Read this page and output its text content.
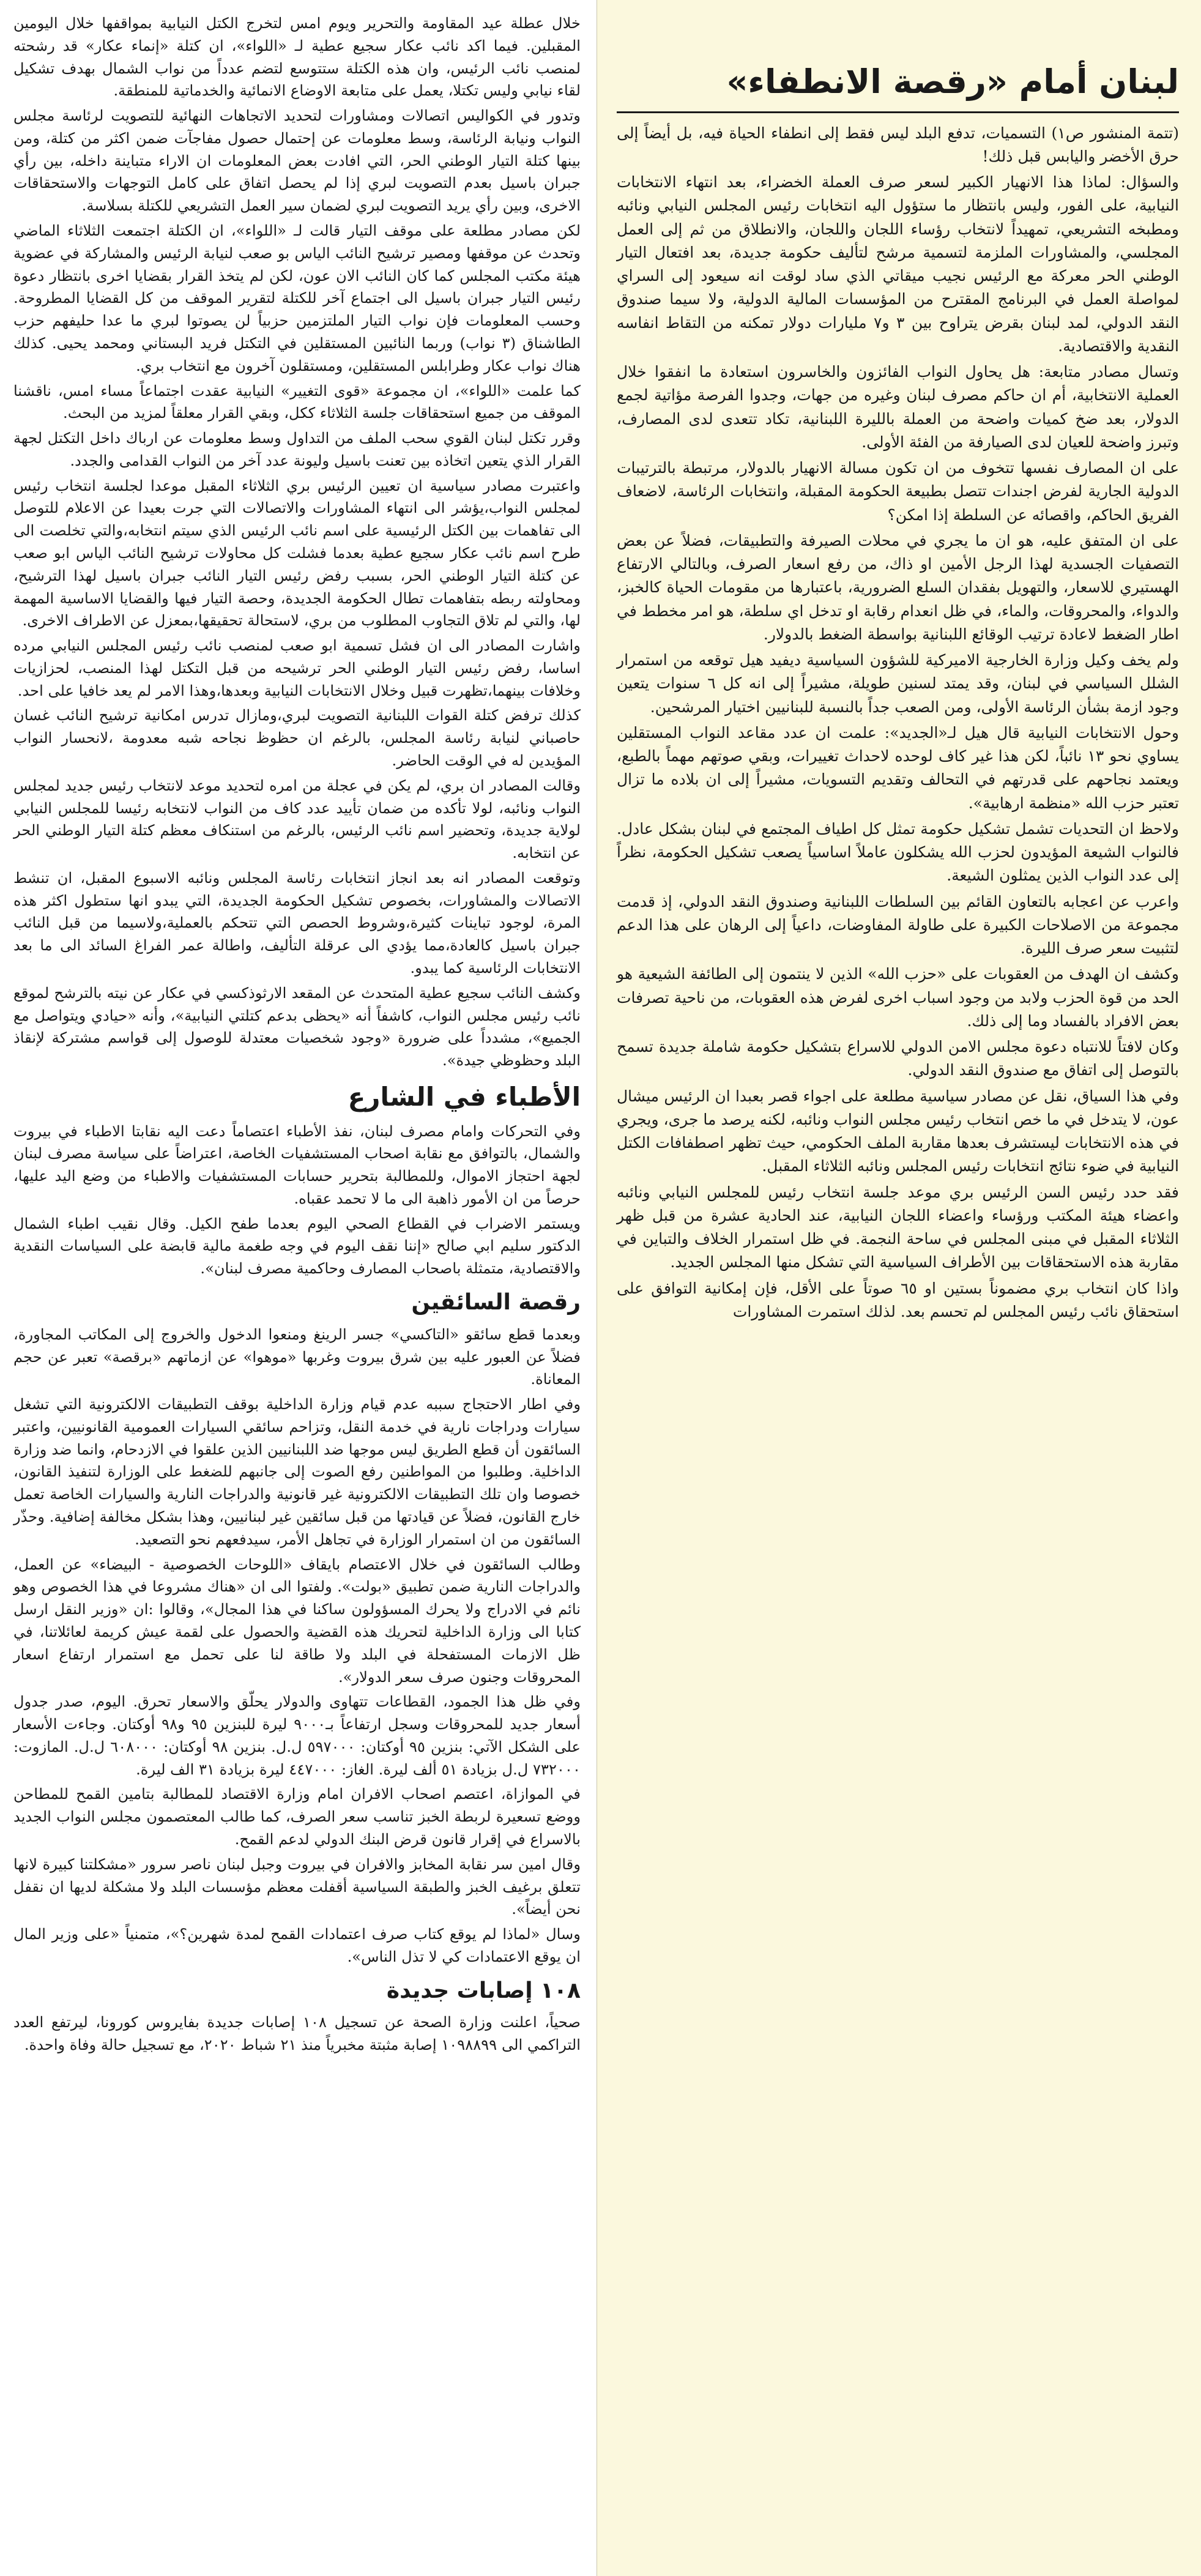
لبنان أمام «رقصة الانطفاء»

(تتمة المنشور ص١) التسميات، تدفع البلد ليس فقط إلى انطفاء الحياة فيه، بل أيضاً إلى حرق الأخضر واليابس قبل ذلك!

والسؤال: لماذا هذا الانهيار الكبير لسعر صرف العملة الخضراء، بعد انتهاء الانتخابات النيابية، على الفور، وليس بانتظار ما ستؤول اليه انتخابات رئيس المجلس النيابي ونائبه ومطبخه التشريعي، تمهيداً لانتخاب رؤساء اللجان واللجان، والانطلاق من ثم إلى العمل المجلسي، والمشاورات الملزمة لتسمية مرشح لتأليف حكومة جديدة، بعد افتعال التيار الوطني الحر معركة مع الرئيس نجيب ميقاتي الذي ساد لوقت انه سيعود إلى السراي لمواصلة العمل في البرنامج المقترح من المؤسسات المالية الدولية، ولا سيما صندوق النقد الدولي، لمد لبنان بقرض يتراوح بين ٣ و٧ مليارات دولار تمكنه من التقاط انفاسه النقدية والاقتصادية.

وتسال مصادر متابعة: هل يحاول النواب الفائزون والخاسرون استعادة ما انفقوا خلال العملية الانتخابية، أم ان حاكم مصرف لبنان وغيره من جهات، وجدوا الفرصة مؤاتية لجمع الدولار، بعد ضخ كميات واضحة من العملة بالليرة اللبنانية، تكاد تتعدى لدى المصارف، وتبرز واضحة للعيان لدى الصيارفة من الفئة الأولى.

على ان المصارف نفسها تتخوف من ان تكون مسالة الانهيار بالدولار، مرتبطة بالترتيبات الدولية الجارية لفرض اجندات تتصل بطبيعة الحكومة المقبلة، وانتخابات الرئاسة، لاضعاف الفريق الحاكم، واقصائه عن السلطة إذا امكن؟

على ان المتفق عليه، هو ان ما يجري في محلات الصيرفة والتطبيقات، فضلاً عن بعض التصفيات الجسدية لهذا الرجل الأمين او ذاك، من رفع اسعار الصرف، وبالتالي الارتفاع الهستيري للاسعار، والتهويل بفقدان السلع الضرورية، باعتبارها من مقومات الحياة كالخبز، والدواء، والمحروقات، والماء، في ظل انعدام رقابة او تدخل اي سلطة، هو امر مخطط في اطار الضغط لاعادة ترتيب الوقائع اللبنانية بواسطة الضغط بالدولار.

ولم يخف وكيل وزارة الخارجية الاميركية للشؤون السياسية ديفيد هيل توقعه من استمرار الشلل السياسي في لبنان، وقد يمتد لسنين طويلة، مشيراً إلى انه كل ٦ سنوات يتعين وجود ازمة بشأن الرئاسة الأولى، ومن الصعب جداً بالنسبة للبنانيين اختيار المرشحين.

وحول الانتخابات النيابية قال هيل لـ«الجديد»: علمت ان عدد مقاعد النواب المستقلين يساوي نحو ١٣ نائباً، لكن هذا غير كاف لوحده لاحداث تغييرات، وبقي صوتهم مهماً بالطبع، ويعتمد نجاحهم على قدرتهم في التحالف وتقديم التسويات، مشيراً إلى ان بلاده ما تزال تعتبر حزب الله «منظمة ارهابية».

ولاحظ ان التحديات تشمل تشكيل حكومة تمثل كل اطياف المجتمع في لبنان بشكل عادل. فالنواب الشيعة المؤيدون لحزب الله يشكلون عاملاً اساسياً يصعب تشكيل الحكومة، نظراً إلى عدد النواب الذين يمثلون الشيعة.

واعرب عن اعجابه بالتعاون القائم بين السلطات اللبنانية وصندوق النقد الدولي، إذ قدمت مجموعة من الاصلاحات الكبيرة على طاولة المفاوضات، داعياً إلى الرهان على هذا الدعم لتثبيت سعر صرف الليرة.

وكشف ان الهدف من العقوبات على «حزب الله» الذين لا ينتمون إلى الطائفة الشيعية هو الحد من قوة الحزب ولابد من وجود اسباب اخرى لفرض هذه العقوبات، من ناحية تصرفات بعض الافراد بالفساد وما إلى ذلك.

وكان لافتاً للانتباه دعوة مجلس الامن الدولي للاسراع بتشكيل حكومة شاملة جديدة تسمح بالتوصل إلى اتفاق مع صندوق النقد الدولي.

وفي هذا السياق، نقل عن مصادر سياسية مطلعة على اجواء قصر بعبدا ان الرئيس ميشال عون، لا يتدخل في ما خص انتخاب رئيس مجلس النواب ونائبه، لكنه يرصد ما جرى، ويجري في هذه الانتخابات ليستشرف بعدها مقاربة الملف الحكومي، حيث تظهر اصطفافات الكتل النيابية في ضوء نتائج انتخابات رئيس المجلس ونائبه الثلاثاء المقبل.

فقد حدد رئيس السن الرئيس بري موعد جلسة انتخاب رئيس للمجلس النيابي ونائبه واعضاء هيئة المكتب ورؤساء واعضاء اللجان النيابية، عند الحادية عشرة من قبل ظهر الثلاثاء المقبل في مبنى المجلس في ساحة النجمة. في ظل استمرار الخلاف والتباين في مقاربة هذه الاستحقاقات بين الأطراف السياسية التي تشكل منها المجلس الجديد.

واذا كان انتخاب بري مضموناً بستين او ٦٥ صوتاً على الأقل، فإن إمكانية التوافق على استحقاق نائب رئيس المجلس لم تحسم بعد. لذلك استمرت المشاورات

خلال عطلة عيد المقاومة والتحرير ويوم امس لتخرج الكتل النيابية بمواقفها خلال اليومين المقبلين. فيما اكد نائب عكار سجيع عطية لـ «اللواء»، ان كتلة «إنماء عكار» قد رشحته لمنصب نائب الرئيس، وان هذه الكتلة ستتوسع لتضم عدداً من نواب الشمال بهدف تشكيل لقاء نيابي وليس تكتلا، يعمل على متابعة الاوضاع الانمائية والخدماتية للمنطقة.

وتدور في الكواليس اتصالات ومشاورات لتحديد الاتجاهات النهائية للتصويت لرئاسة مجلس النواب ونيابة الرئاسة، وسط معلومات عن إحتمال حصول مفاجآت ضمن اكثر من كتلة، ومن بينها كتلة التيار الوطني الحر، التي افادت بعض المعلومات ان الاراء متباينة داخله، بين رأي جبران باسيل بعدم التصويت لبري إذا لم يحصل اتفاق على كامل التوجهات والاستحقاقات الاخرى، وبين رأي يريد التصويت لبري لضمان سير العمل التشريعي للكتلة بسلاسة.

لكن مصادر مطلعة على موقف التيار قالت لـ «اللواء»، ان الكتلة اجتمعت الثلاثاء الماضي وتحدث عن موقفها ومصير ترشيح النائب الياس بو صعب لنيابة الرئيس والمشاركة في عضوية هيئة مكتب المجلس كما كان النائب الان عون، لكن لم يتخذ القرار بقضايا اخرى بانتظار دعوة رئيس التيار جبران باسيل الى اجتماع آخر للكتلة لتقرير الموقف من كل القضايا المطروحة. وحسب المعلومات فإن نواب التيار الملتزمين حزبياً لن يصوتوا لبري ما عدا حليفهم حزب الطاشناق (٣ نواب) وربما النائبين المستقلين في التكتل فريد البستاني ومحمد يحيى. كذلك هناك نواب عكار وطرابلس المستقلين، ومستقلون آخرون مع انتخاب بري.

كما علمت «اللواء»، ان مجموعة «قوى التغيير» النيابية عقدت اجتماعاً مساء امس، ناقشنا الموقف من جميع استحقاقات جلسة الثلاثاء ككل، وبقي القرار معلقاً لمزيد من البحث.

وقرر تكتل لبنان القوي سحب الملف من التداول وسط معلومات عن ارباك داخل التكتل لجهة القرار الذي يتعين اتخاذه بين تعنت باسيل وليونة عدد آخر من النواب القدامى والجدد.

واعتبرت مصادر سياسية ان تعيين الرئيس بري الثلاثاء المقبل موعدا لجلسة انتخاب رئيس لمجلس النواب،يؤشر الى انتهاء المشاورات والاتصالات التي جرت بعيدا عن الاعلام للتوصل الى تفاهمات بين الكتل الرئيسية على اسم نائب الرئيس الذي سيتم انتخابه،والتي تخلصت الى طرح اسم نائب عكار سجيع عطية بعدما فشلت كل محاولات ترشيح النائب الياس ابو صعب عن كتلة التيار الوطني الحر، بسبب رفض رئيس التيار النائب جبران باسيل لهذا الترشيح، ومحاولته ربطه بتفاهمات تطال الحكومة الجديدة، وحصة التيار فيها والقضايا الاساسية المهمة لها، والتي لم تلاق التجاوب المطلوب من بري، لاستحالة تحقيقها،بمعزل عن الاطراف الاخرى.

واشارت المصادر الى ان فشل تسمية ابو صعب لمنصب نائب رئيس المجلس النيابي مرده اساسا، رفض رئيس التيار الوطني الحر ترشيحه من قبل التكتل لهذا المنصب، لحزازيات وخلافات بينهما،تظهرت قبيل وخلال الانتخابات النيابية وبعدها،وهذا الامر لم يعد خافيا على احد.

كذلك ترفض كتلة القوات اللبنانية التصويت لبري،ومازال تدرس امكانية ترشيح النائب غسان حاصباني لنيابة رئاسة المجلس، بالرغم ان حظوظ نجاحه شبه معدومة ،لانحسار النواب المؤيدين له في الوقت الحاضر.

وقالت المصادر ان بري، لم يكن في عجلة من امره لتحديد موعد لانتخاب رئيس جديد لمجلس النواب ونائبه، لولا تأكده من ضمان تأييد عدد كاف من النواب لانتخابه رئيسا للمجلس النيابي لولاية جديدة، وتحضير اسم نائب الرئيس، بالرغم من استنكاف معظم كتلة التيار الوطني الحر عن انتخابه.

وتوقعت المصادر انه بعد انجاز انتخابات رئاسة المجلس ونائبه الاسبوع المقبل، ان تنشط الاتصالات والمشاورات، بخصوص تشكيل الحكومة الجديدة، التي يبدو انها ستطول اكثر هذه المرة، لوجود تباينات كثيرة،وشروط الحصص التي تتحكم بالعملية،ولاسيما من قبل النائب جبران باسيل كالعادة،مما يؤدي الى عرقلة التأليف، واطالة عمر الفراغ السائد الى ما بعد الانتخابات الرئاسية كما يبدو.

وكشف النائب سجيع عطية المتحدث عن المقعد الارثوذكسي في عكار عن نيته بالترشح لموقع نائب رئيس مجلس النواب، كاشفاً أنه «يحظى بدعم كتلتي النيابية»، وأنه «حيادي ويتواصل مع الجميع»، مشدداً على ضرورة «وجود شخصيات معتدلة للوصول إلى قواسم مشتركة لإنقاذ البلد وحظوظي جيدة».

الأطباء في الشارع

وفي التحركات وامام مصرف لبنان، نفذ الأطباء اعتصاماً دعت اليه نقابتا الاطباء في بيروت والشمال، بالتوافق مع نقابة اصحاب المستشفيات الخاصة، اعتراضاً على سياسة مصرف لبنان لجهة احتجاز الاموال، وللمطالبة بتحرير حسابات المستشفيات والاطباء من وضع اليد عليها، حرصاً من ان الأمور ذاهبة الى ما لا تحمد عقباه.

ويستمر الاضراب في القطاع الصحي اليوم بعدما طفح الكيل. وقال نقيب اطباء الشمال الدكتور سليم ابي صالح «إننا نقف اليوم في وجه طغمة مالية قابضة على السياسات النقدية والاقتصادية، متمثلة باصحاب المصارف وحاكمية مصرف لبنان».

رقصة السائقين

وبعدما قطع سائقو «التاكسي» جسر الرينغ ومنعوا الدخول والخروج إلى المكاتب المجاورة، فضلاً عن العبور عليه بين شرق بيروت وغربها «موهوا» عن ازماتهم «برقصة» تعبر عن حجم المعاناة.

وفي اطار الاحتجاج سببه عدم قيام وزارة الداخلية بوقف التطبيقات الالكترونية التي تشغل سيارات ودراجات نارية في خدمة النقل، وتزاحم سائقي السيارات العمومية القانونيين، واعتبر السائقون أن قطع الطريق ليس موجها ضد اللبنانيين الذين علقوا في الازدحام، وانما ضد وزارة الداخلية. وطلبوا من المواطنين رفع الصوت إلى جانبهم للضغط على الوزارة لتنفيذ القانون، خصوصا وان تلك التطبيقات الالكترونية غير قانونية والدراجات النارية والسيارات الخاصة تعمل خارج القانون، فضلاً عن قيادتها من قبل سائقين غير لبنانيين، وهذا بشكل مخالفة إضافية. وحذّر السائقون من ان استمرار الوزارة في تجاهل الأمر، سيدفعهم نحو التصعيد.

وطالب السائقون في خلال الاعتصام بايقاف «اللوحات الخصوصية - البيضاء» عن العمل، والدراجات النارية ضمن تطبيق «بولت». ولفتوا الى ان «هناك مشروعا في هذا الخصوص وهو نائم في الادراج ولا يحرك المسؤولون ساكنا في هذا المجال»، وقالوا :ان «وزير النقل ارسل كتابا الى وزارة الداخلية لتحريك هذه القضية والحصول على لقمة عيش كريمة لعائلاتنا، في ظل الازمات المستفحلة في البلد ولا طاقة لنا على تحمل مع استمرار ارتفاع اسعار المحروقات وجنون صرف سعر الدولار».

وفي ظل هذا الجمود، القطاعات تتهاوى والدولار يحلّق والاسعار تحرق. اليوم، صدر جدول أسعار جديد للمحروقات وسجل ارتفاعاً بـ٩٠٠٠ ليرة للبنزين ٩٥ و٩٨ أوكتان. وجاءت الأسعار على الشكل الآتي: بنزين ٩٥ أوكتان: ٥٩٧٠٠٠ ل.ل. بنزين ٩٨ أوكتان: ٦٠٨٠٠٠ ل.ل. المازوت: ٧٣٢٠٠٠ ل.ل بزيادة ٥١ ألف ليرة. الغاز: ٤٤٧٠٠٠ ليرة بزيادة ٣١ الف ليرة.

في الموازاة، اعتصم اصحاب الافران امام وزارة الاقتصاد للمطالبة بتامين القمح للمطاحن ووضع تسعيرة لربطة الخبز تناسب سعر الصرف، كما طالب المعتصمون مجلس النواب الجديد بالاسراع في إقرار قانون قرض البنك الدولي لدعم القمح.

وقال امين سر نقابة المخابز والافران في بيروت وجبل لبنان ناصر سرور «مشكلتنا كبيرة لانها تتعلق برغيف الخبز والطبقة السياسية أقفلت معظم مؤسسات البلد ولا مشكلة لديها ان نقفل نحن أيضاً».

وسال «لماذا لم يوقع كتاب صرف اعتمادات القمح لمدة شهرين؟»، متمنياً «على وزير المال ان يوقع الاعتمادات كي لا تذل الناس».

١٠٨ إصابات جديدة

صحياً، اعلنت وزارة الصحة عن تسجيل ١٠٨ إصابات جديدة بفايروس كورونا، ليرتفع العدد التراكمي الى ١٠٩٨٨٩٩ إصابة مثبتة مخبرياً منذ ٢١ شباط ٢٠٢٠، مع تسجيل حالة وفاة واحدة.
